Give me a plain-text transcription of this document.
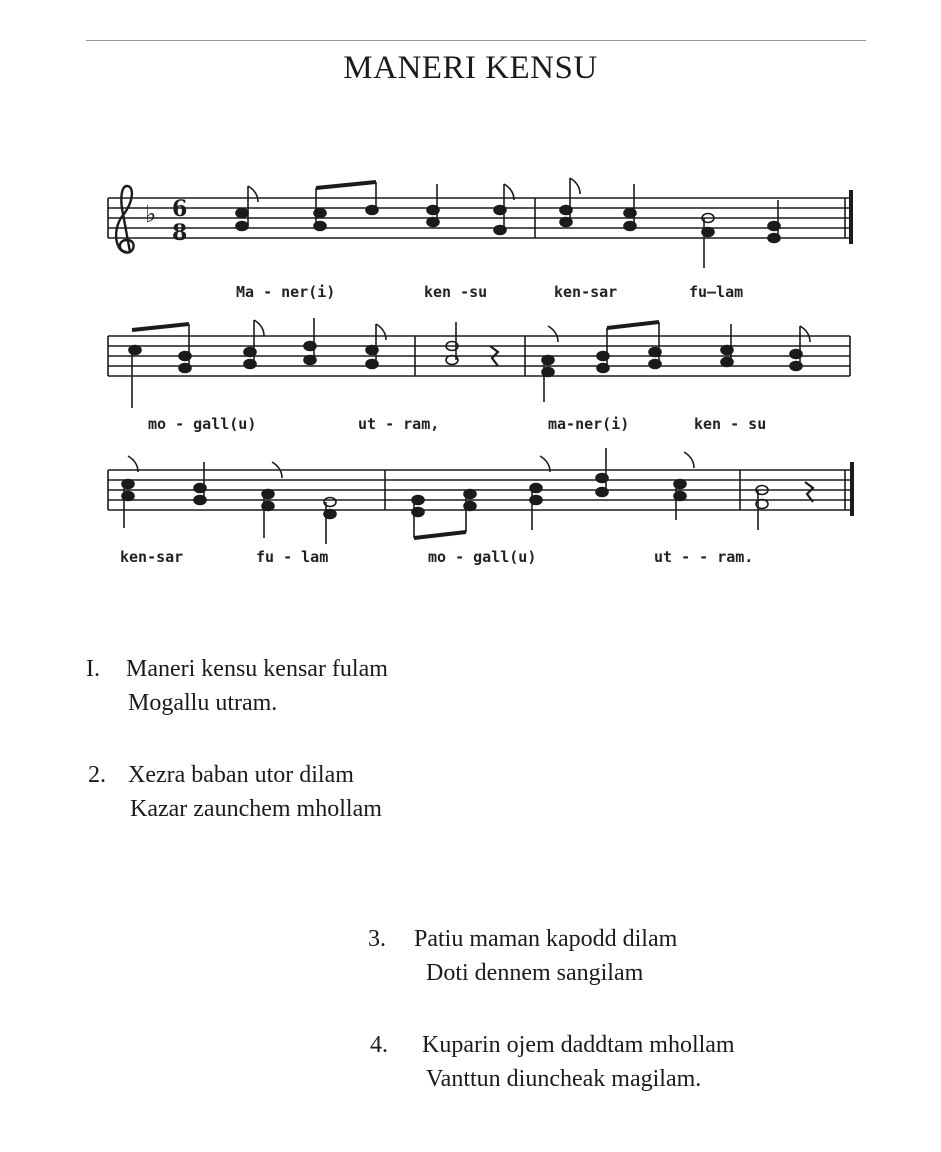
MANERI KENSU
♭ 6
8
Ma - ner(i)	ken -su	ken-sar	fu—lam
mo - gall(u)	ut - ram,	ma-ner(i)	ken - su
ken-sar	fu - lam	mo - gall(u)	ut - - ram.
I. Maneri kensu kensar fulam
Mogallu utram.
2. Xezra baban utor dilam
Kazar zaunchem mhollam
3. Patiu maman kapodd dilam
Doti dennem sangilam
4. Kuparin ojem daddtam mhollam
Vanttun diuncheak magilam.
